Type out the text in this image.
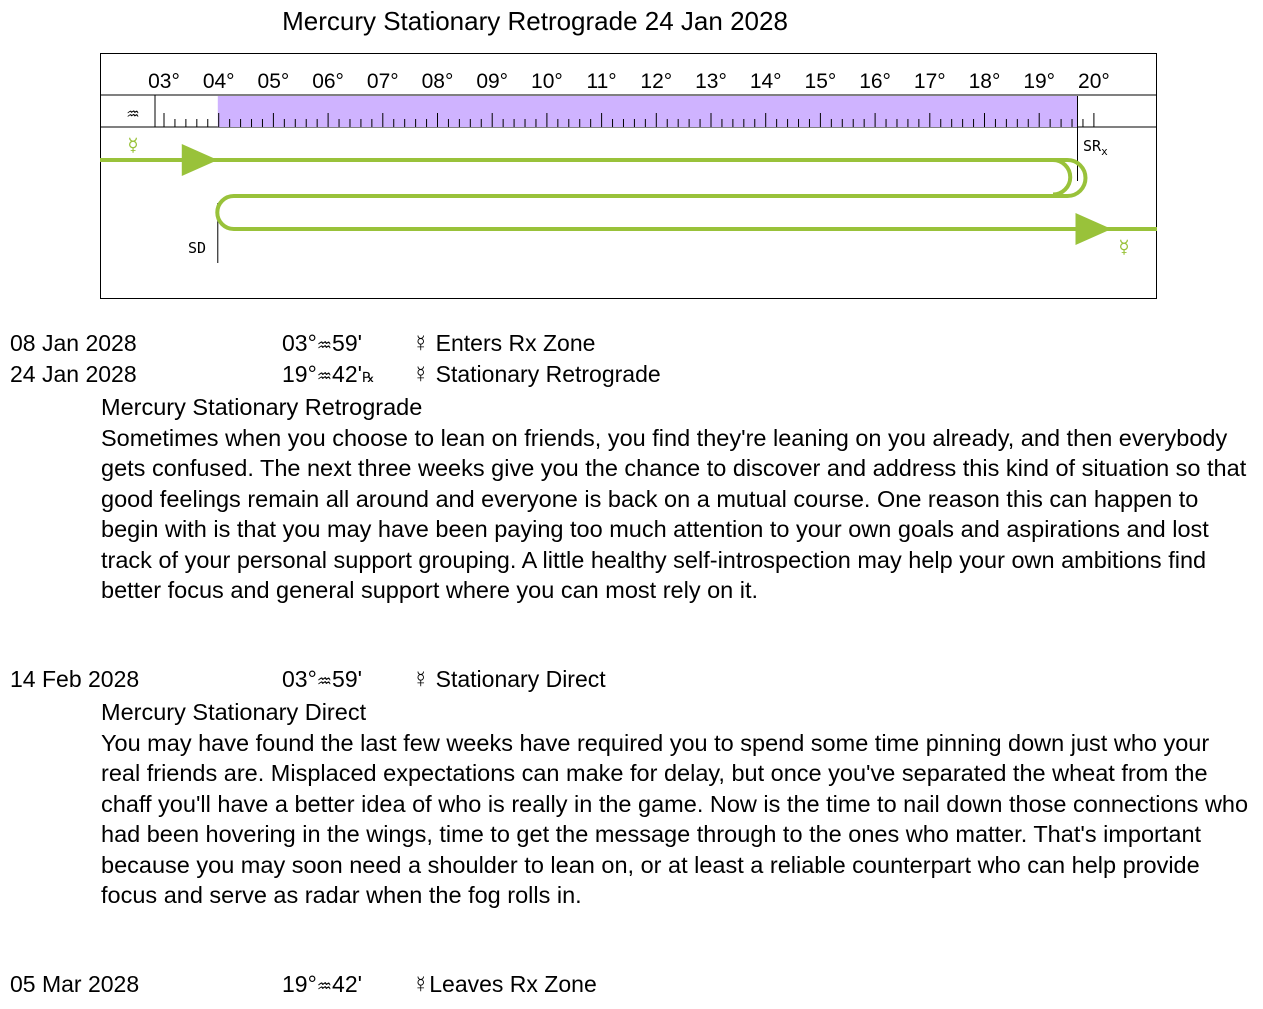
Mercury Stationary Retrograde 24 Jan 2028
03° 04° 05° 06° 07° 08° 09° 10° 11° 12° 13° 14° 15° 16° 17° 18° 19° 20°
♒
☿
☿
$SR_x$
SD
08 Jan 2028	03°♒59' ☿ Enters Rx Zone
24 Jan 2028	19°♒42'℞ ☿ Stationary Retrograde
Mercury Stationary Retrograde
Sometimes when you choose to lean on friends, you find they're leaning on you already, and then everybody gets confused. The next three weeks give you the chance to discover and address this kind of situation so that good feelings remain all around and everyone is back on a mutual course. One reason this can happen to begin with is that you may have been paying too much attention to your own goals and aspirations and lost track of your personal support grouping. A little healthy self-introspection may help your own ambitions find better focus and general support where you can most rely on it.
14 Feb 2028	03°♒59' ☿ Stationary Direct
Mercury Stationary Direct
You may have found the last few weeks have required you to spend some time pinning down just who your real friends are. Misplaced expectations can make for delay, but once you've separated the wheat from the chaff you'll have a better idea of who is really in the game. Now is the time to nail down those connections who had been hovering in the wings, time to get the message through to the ones who matter. That's important because you may soon need a shoulder to lean on, or at least a reliable counterpart who can help provide focus and serve as radar when the fog rolls in.
05 Mar 2028	19°♒42' ☿Leaves Rx Zone
